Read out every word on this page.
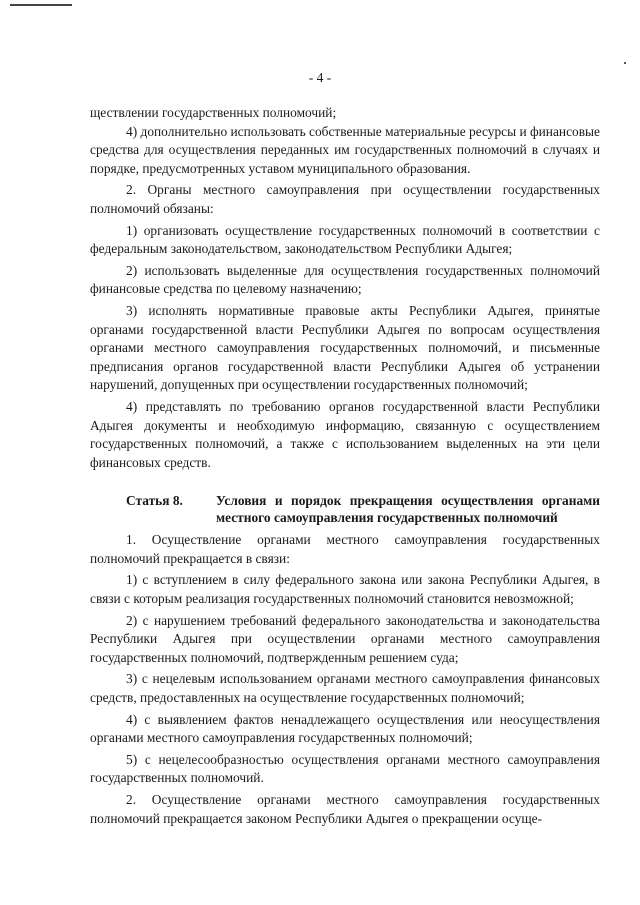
- 4 -

ществлении государственных полномочий;

4) дополнительно использовать собственные материальные ресурсы и финансовые средства для осуществления переданных им государственных полномочий в случаях и порядке, предусмотренных уставом муниципального образования.

2. Органы местного самоуправления при осуществлении государственных полномочий обязаны:

1) организовать осуществление государственных полномочий в соответствии с федеральным законодательством, законодательством Республики Адыгея;

2) использовать выделенные для осуществления государственных полномочий финансовые средства по целевому назначению;

3) исполнять нормативные правовые акты Республики Адыгея, принятые органами государственной власти Республики Адыгея по вопросам осуществления органами местного самоуправления государственных полномочий, и письменные предписания органов государственной власти Республики Адыгея об устранении нарушений, допущенных при осуществлении государственных полномочий;

4) представлять по требованию органов государственной власти Республики Адыгея документы и необходимую информацию, связанную с осуществлением государственных полномочий, а также с использованием выделенных на эти цели финансовых средств.

Статья 8.	Условия и порядок прекращения осуществления органами местного самоуправления государственных полномочий

1. Осуществление органами местного самоуправления государственных полномочий прекращается в связи:

1) с вступлением в силу федерального закона или закона Республики Адыгея, в связи с которым реализация государственных полномочий становится невозможной;

2) с нарушением требований федерального законодательства и законодательства Республики Адыгея при осуществлении органами местного самоуправления государственных полномочий, подтвержденным решением суда;

3) с нецелевым использованием органами местного самоуправления финансовых средств, предоставленных на осуществление государственных полномочий;

4) с выявлением фактов ненадлежащего осуществления или неосуществления органами местного самоуправления государственных полномочий;

5) с нецелесообразностью осуществления органами местного самоуправления государственных полномочий.

2. Осуществление органами местного самоуправления государственных полномочий прекращается законом Республики Адыгея о прекращении осуще-
